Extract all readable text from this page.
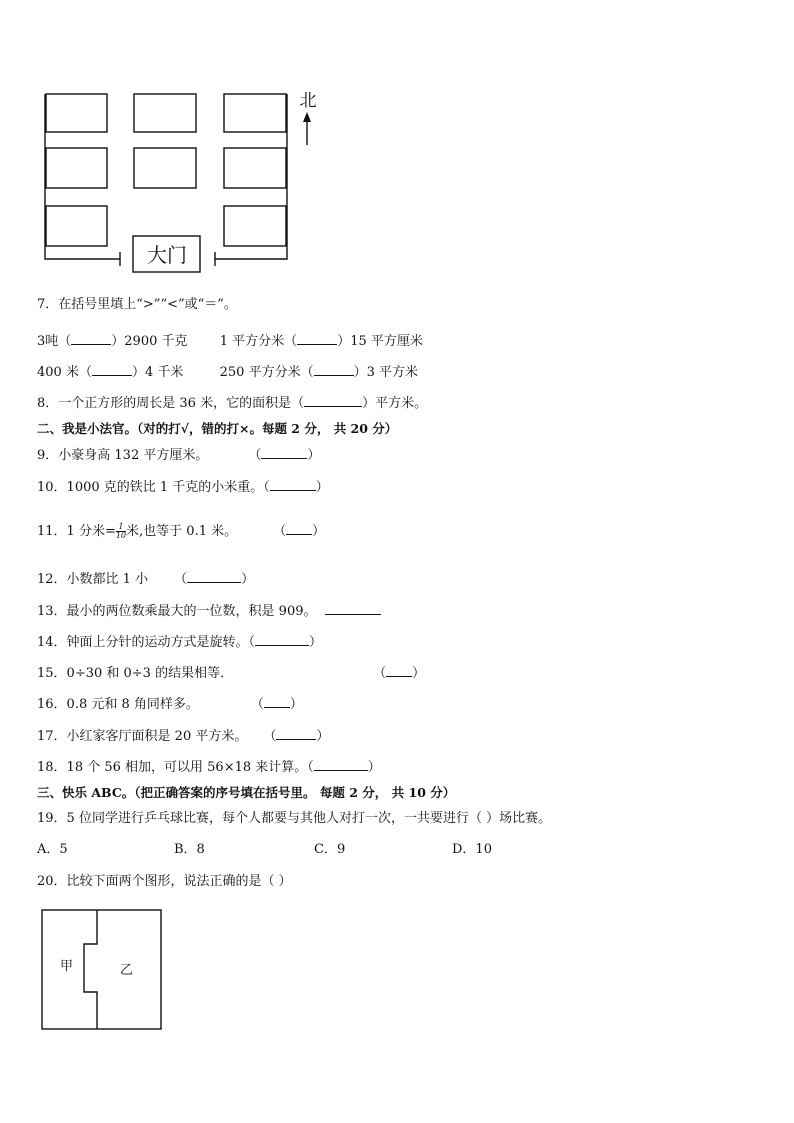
大门
北
7．在括号里填上“>”“<”或“＝”。
3吨（	）2900 千克 1 平方分米（	）15 平方厘米
400 米（	）4 千米	250 平方分米（	）3 平方米
8．一个正方形的周长是 36 米，它的面积是（	）平方米。
二、我是小法官。（对的打√，错的打×。每题 2 分， 共 20 分）
9．小豪身高 132 平方厘米。	（	）
10．1000 克的铁比 1 千克的小米重。（	）
11．1 分米= $\frac{1}{10}$ 米,也等于 0.1 米。	（ ）
12．小数都比 1 小 （	）
13．最小的两位数乘最大的一位数，积是 909。
14．钟面上分针的运动方式是旋转。（	）
15．0÷30 和 0÷3 的结果相等．	（ ）
16．0.8 元和 8 角同样多。	（ ）
17．小红家客厅面积是 20 平方米。 （	）
18．18 个 56 相加，可以用 56×18 来计算。（	）
三、快乐 ABC。（把正确答案的序号填在括号里。 每题 2 分， 共 10 分）
19．5 位同学进行乒乓球比赛，每个人都要与其他人对打一次，一共要进行（ ）场比赛。
A．5	B．8	C．9	D．10
20．比较下面两个图形，说法正确的是（ ）
甲	乙
